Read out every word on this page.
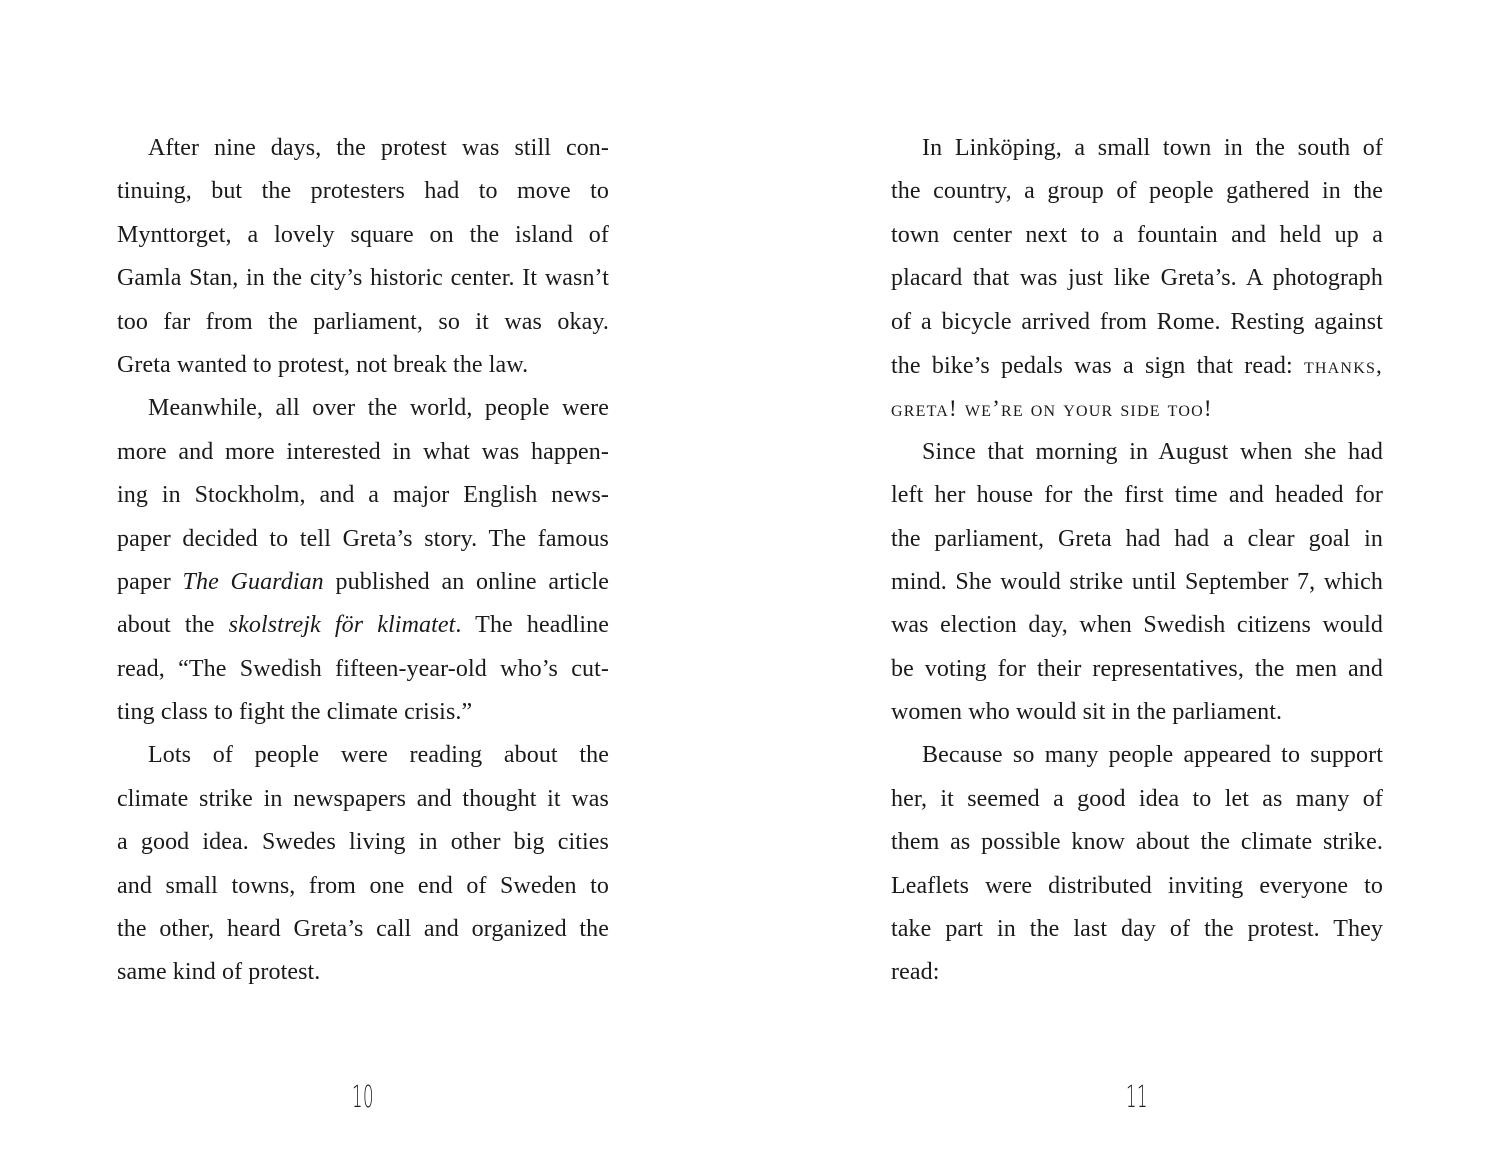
After nine days, the protest was still con-
tinuing, but the protesters had to move to
Mynttorget, a lovely square on the island of
Gamla Stan, in the city’s historic center. It wasn’t
too far from the parliament, so it was okay.
Greta wanted to protest, not break the law.
Meanwhile, all over the world, people were
more and more interested in what was happen-
ing in Stockholm, and a major English news-
paper decided to tell Greta’s story. The famous
paper The Guardian published an online article
about the skolstrejk för klimatet. The headline
read, “The Swedish fifteen-year-old who’s cut-
ting class to fight the climate crisis.”
Lots of people were reading about the
climate strike in newspapers and thought it was
a good idea. Swedes living in other big cities
and small towns, from one end of Sweden to
the other, heard Greta’s call and organized the
same kind of protest.
In Linköping, a small town in the south of
the country, a group of people gathered in the
town center next to a fountain and held up a
placard that was just like Greta’s. A photograph
of a bicycle arrived from Rome. Resting against
the bike’s pedals was a sign that read: thanks,
greta! we’re on your side too!
Since that morning in August when she had
left her house for the first time and headed for
the parliament, Greta had had a clear goal in
mind. She would strike until September 7, which
was election day, when Swedish citizens would
be voting for their representatives, the men and
women who would sit in the parliament.
Because so many people appeared to support
her, it seemed a good idea to let as many of
them as possible know about the climate strike.
Leaflets were distributed inviting everyone to
take part in the last day of the protest. They
read:
10	11
